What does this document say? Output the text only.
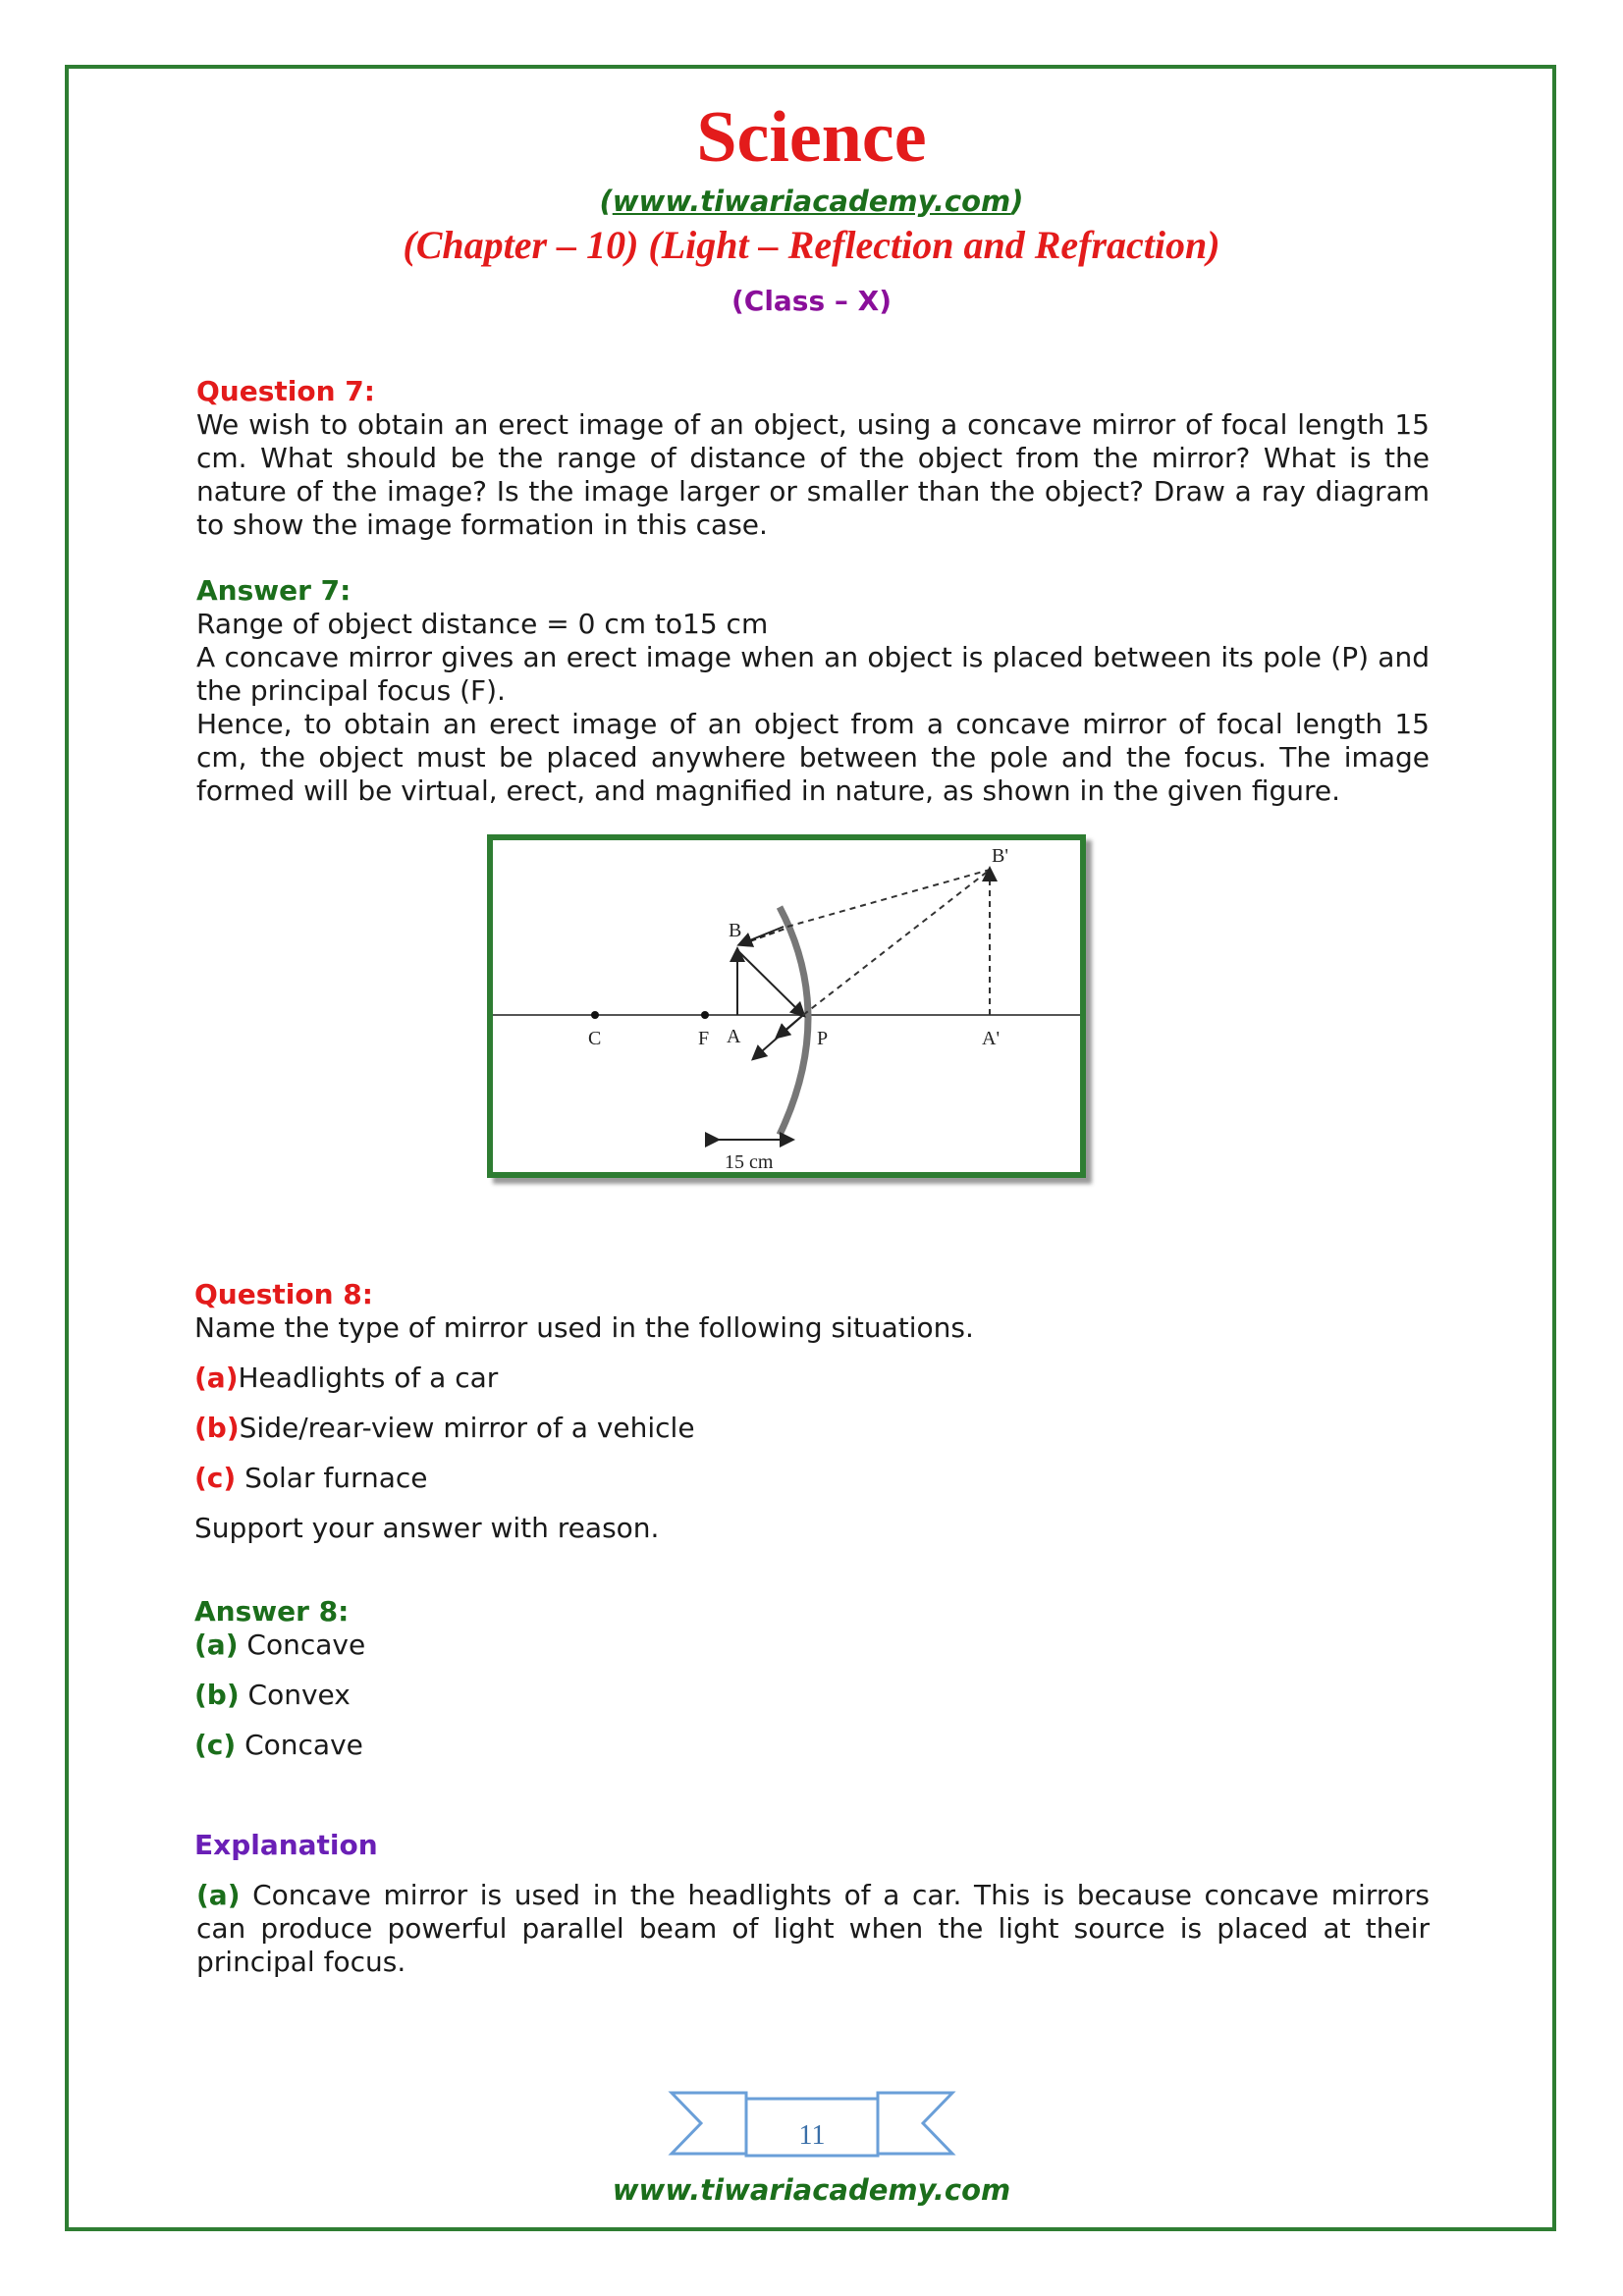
Science
(www.tiwariacademy.com)
(Chapter – 10) (Light – Reflection and Refraction)
(Class – X)
Question 7:
We wish to obtain an erect image of an object, using a concave mirror of focal length 15 cm. What should be the range of distance of the object from the mirror? What is the nature of the image? Is the image larger or smaller than the object? Draw a ray diagram to show the image formation in this case.
Answer 7:
Range of object distance = 0 cm to15 cm
A concave mirror gives an erect image when an object is placed between its pole (P) and the principal focus (F).
Hence, to obtain an erect image of an object from a concave mirror of focal length 15 cm, the object must be placed anywhere between the pole and the focus. The image formed will be virtual, erect, and magnified in nature, as shown in the given figure.
B'
B
C	F A	P	A'
15 cm
Question 8:
Name the type of mirror used in the following situations.
(a)Headlights of a car
(b)Side/rear-view mirror of a vehicle
(c) Solar furnace
Support your answer with reason.
Answer 8:
(a) Concave
(b) Convex
(c) Concave
Explanation
(a) Concave mirror is used in the headlights of a car. This is because concave mirrors can produce powerful parallel beam of light when the light source is placed at their principal focus.
11
www.tiwariacademy.com
